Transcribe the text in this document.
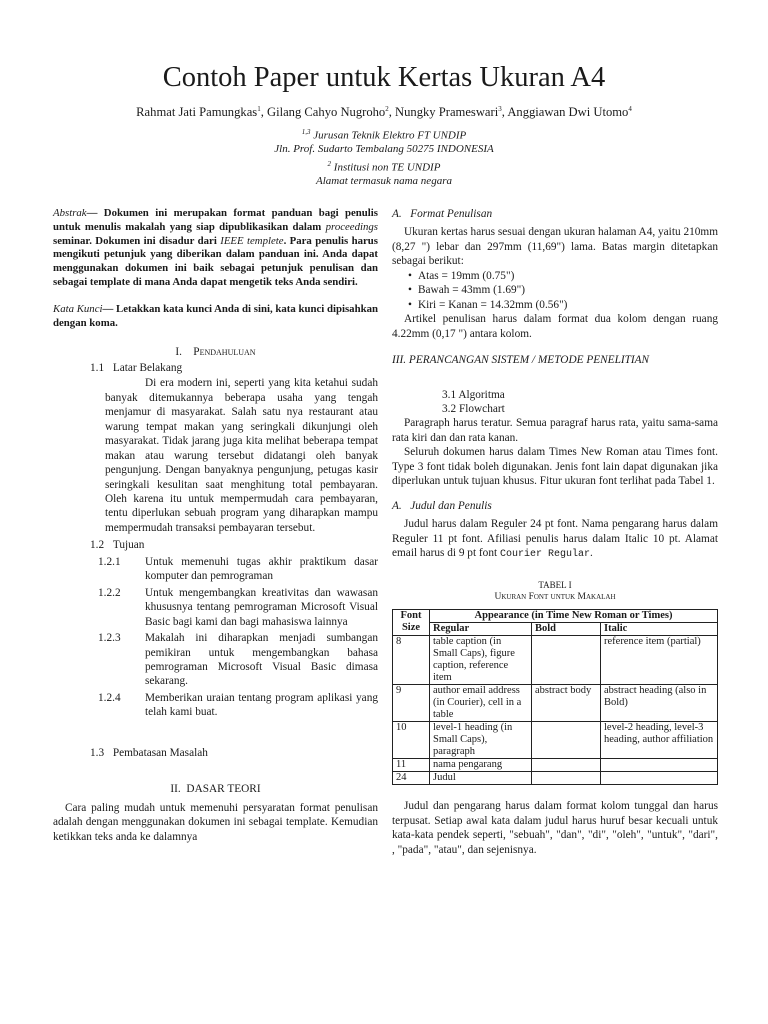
Contoh Paper untuk Kertas Ukuran A4
Rahmat Jati Pamungkas$^1$, Gilang Cahyo Nugroho$^2$, Nungky Prameswari$^3$, Anggiawan Dwi Utomo$^4$
$^{1,3}$ Jurusan Teknik Elektro FT UNDIP
Jln. Prof. Sudarto Tembalang 50275 INDONESIA
$^2$ Institusi non TE UNDIP
Alamat termasuk nama negara

Abstrak— Dokumen ini merupakan format panduan bagi penulis untuk menulis makalah yang siap dipublikasikan dalam proceedings seminar. Dokumen ini disadur dari IEEE templete. Para penulis harus mengikuti petunjuk yang diberikan dalam panduan ini. Anda dapat menggunakan dokumen ini baik sebagai petunjuk penulisan dan sebagai template di mana Anda dapat mengetik teks Anda sendiri.

Kata Kunci— Letakkan kata kunci Anda di sini, kata kunci dipisahkan dengan koma.

I. Pendahuluan

1.1
Latar Belakang

Di era modern ini, seperti yang kita ketahui sudah banyak ditemukannya beberapa usaha yang tengah menjamur di masyarakat. Salah satu nya restaurant atau warung tempat makan yang seringkali dikunjungi oleh masyarakat. Tidak jarang juga kita melihat beberapa tempat makan atau warung tersebut didatangi oleh banyak pengunjung. Dengan banyaknya pengunjung, petugas kasir seringkali kesulitan saat menghitung total pembayaran. Oleh karena itu untuk mempermudah cara pembayaran, tentu diperlukan sebuah program yang diharapkan mampu mempermudah transaksi pembayaran tersebut.

1.2
Tujuan
1.2.1	Untuk memenuhi tugas akhir praktikum dasar komputer dan pemrograman
1.2.2	Untuk mengembangkan kreativitas dan wawasan khususnya tentang pemrograman Microsoft Visual Basic bagi kami dan bagi mahasiswa lainnya
1.2.3	Makalah ini diharapkan menjadi sumbangan pemikiran untuk mengembangkan bahasa pemrograman Microsoft Visual Basic dimasa sekarang.
1.2.4	Memberikan uraian tentang program aplikasi yang telah kami buat.
1.3
Pembatasan Masalah

II. DASAR TEORI

Cara paling mudah untuk memenuhi persyaratan format penulisan adalah dengan menggunakan dokumen ini sebagai template. Kemudian ketikkan teks anda ke dalamnya

A. Format Penulisan

Ukuran kertas harus sesuai dengan ukuran halaman A4, yaitu 210mm (8,27 ") lebar dan 297mm (11,69") lama. Batas margin ditetapkan sebagai berikut:

• Atas = 19mm (0.75")
• Bawah = 43mm (1.69")
• Kiri = Kanan = 14.32mm (0.56")

Artikel penulisan harus dalam format dua kolom dengan ruang 4.22mm (0,17 ") antara kolom.

III. PERANCANGAN SISTEM / METODE PENELITIAN

3.1 Algoritma

3.2 Flowchart

Paragraph harus teratur. Semua paragraf harus rata, yaitu sama-sama rata kiri dan dan rata kanan.

Seluruh dokumen harus dalam Times New Roman atau Times font. Type 3 font tidak boleh digunakan. Jenis font lain dapat digunakan jika diperlukan untuk tujuan khusus. Fitur ukuran font terlihat pada Tabel 1.

A. Judul dan Penulis

Judul harus dalam Reguler 24 pt font. Nama pengarang harus dalam Reguler 11 pt font. Afiliasi penulis harus dalam Italic 10 pt. Alamat email harus di 9 pt font Courier Regular.

TABEL I

Ukuran Font untuk Makalah

Font
Size	Appearance (in Time New Roman or Times)		
	Regular	Bold	Italic
8	table caption (in Small Caps), figure caption, reference item		reference item (partial)
9	author email address (in Courier), cell in a table	abstract body	abstract heading (also in Bold)
10	level-1 heading (in Small Caps), paragraph		level-2 heading, level-3 heading, author affiliation
11	nama pengarang		
24	Judul		

Judul dan pengarang harus dalam format kolom tunggal dan harus terpusat. Setiap awal kata dalam judul harus huruf besar kecuali untuk kata-kata pendek seperti, "sebuah", "dan", "di", "oleh", "untuk", "dari", , "pada", "atau", dan sejenisnya.
